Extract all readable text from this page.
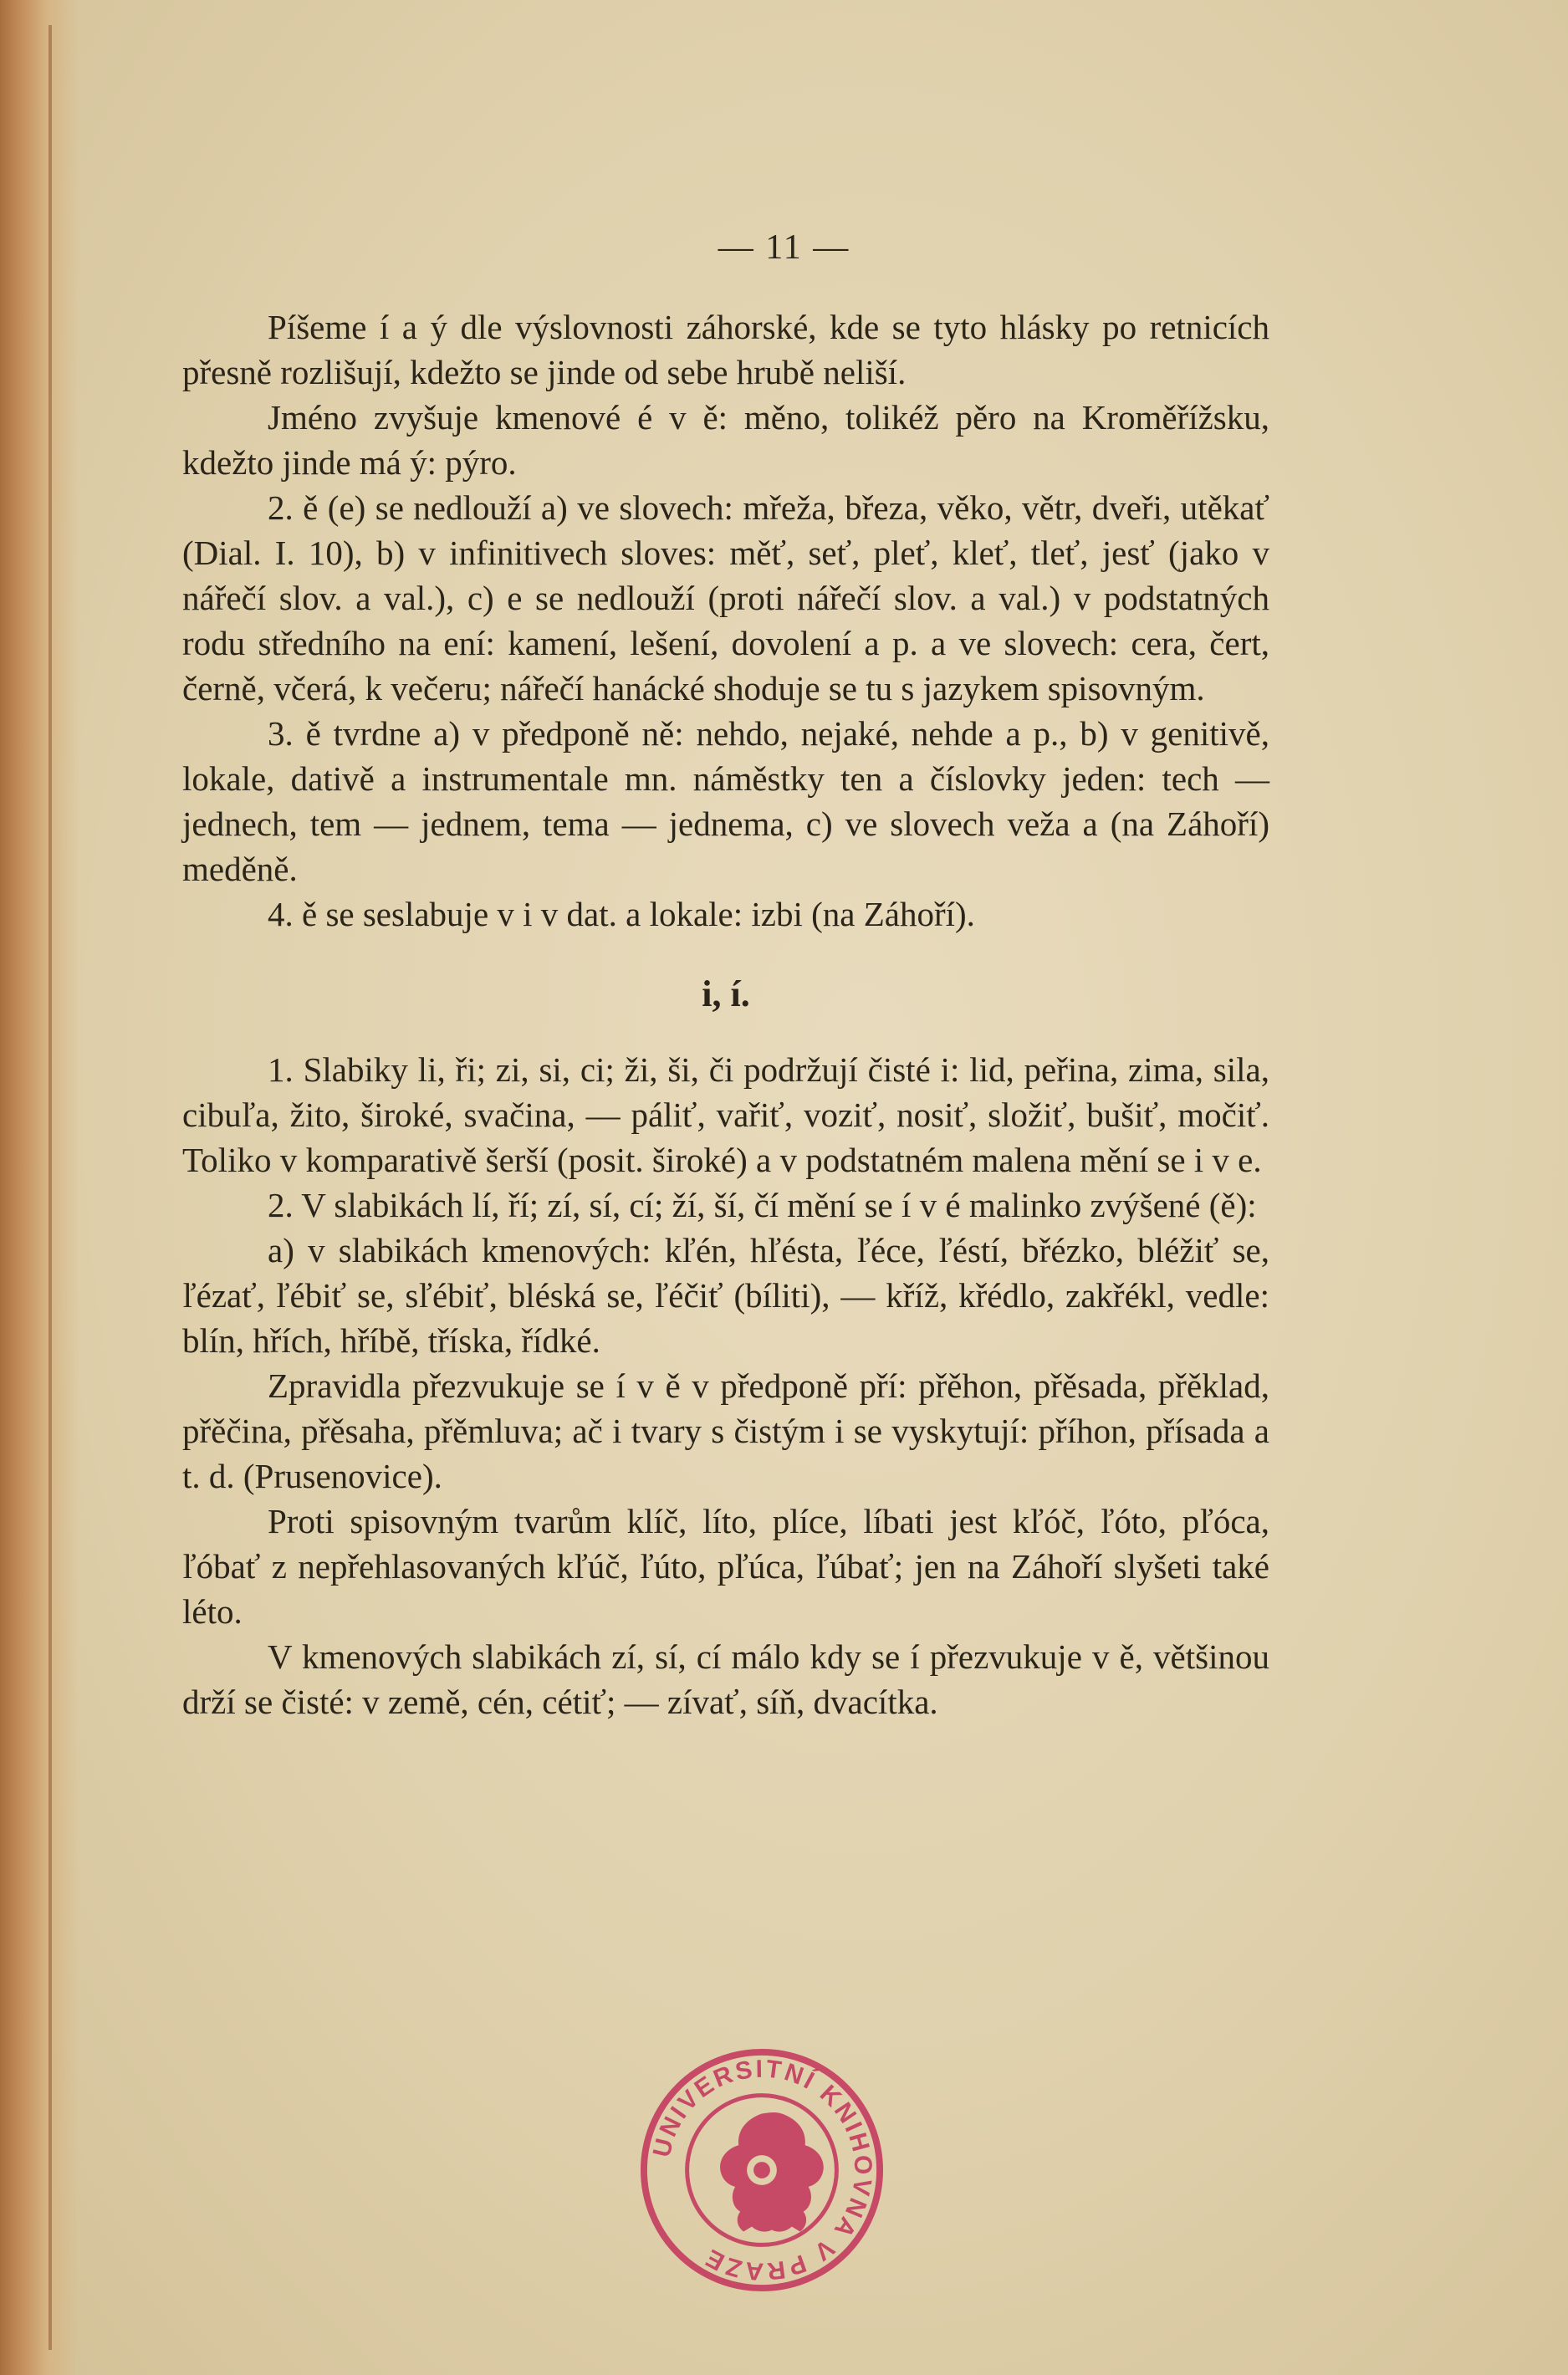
— 11 —

Píšeme í a ý dle výslovnosti záhorské, kde se tyto hlásky po retnicích přesně rozlišují, kdežto se jinde od sebe hrubě neliší.

Jméno zvyšuje kmenové é v ě: měno, tolikéž pěro na Kroměřížsku, kdežto jinde má ý: pýro.

2. ě (e) se nedlouží a) ve slovech: mřeža, březa, věko, větr, dveři, utěkať (Dial. I. 10), b) v infinitivech sloves: měť, seť, pleť, kleť, tleť, jesť (jako v nářečí slov. a val.), c) e se nedlouží (proti nářečí slov. a val.) v podstatných rodu středního na ení: kamení, lešení, dovolení a p. a ve slovech: cera, čert, černě, včerá, k večeru; nářečí hanácké shoduje se tu s jazykem spisovným.

3. ě tvrdne a) v předponě ně: nehdo, nejaké, nehde a p., b) v genitivě, lokale, dativě a instrumentale mn. náměstky ten a číslovky jeden: tech — jednech, tem — jednem, tema — jednema, c) ve slovech veža a (na Záhoří) meděně.

4. ě se seslabuje v i v dat. a lokale: izbi (na Záhoří).

i, í.

1. Slabiky li, ři; zi, si, ci; ži, ši, či podržují čisté i: lid, peřina, zima, sila, cibuľa, žito, široké, svačina, — páliť, vařiť, voziť, nosiť, složiť, bušiť, močiť. Toliko v komparativě šerší (posit. široké) a v podstatném malena mění se i v e.

2. V slabikách lí, ří; zí, sí, cí; ží, ší, čí mění se í v é malinko zvýšené (ě):

a) v slabikách kmenových: kľén, hľésta, ľéce, ľéstí, břézko, bléžiť se, ľézať, ľébiť se, sľébiť, bléská se, ľéčiť (bíliti), — kříž, křédlo, zakřékl, vedle: blín, hřích, hříbě, tříska, řídké.

Zpravidla přezvukuje se í v ě v předponě pří: přěhon, přěsada, přěklad, přěčina, přěsaha, přěmluva; ač i tvary s čistým i se vyskytují: příhon, přísada a t. d. (Prusenovice).

Proti spisovným tvarům klíč, líto, plíce, líbati jest kľóč, ľóto, pľóca, ľóbať z nepřehlasovaných kľúč, ľúto, pľúca, ľúbať; jen na Záhoří slyšeti také léto.

V kmenových slabikách zí, sí, cí málo kdy se í přezvukuje v ě, většinou drží se čisté: v země, cén, cétiť; — zívať, síň, dvacítka.

UNIVERSITNÍ KNIHOVNA V PRAZE
